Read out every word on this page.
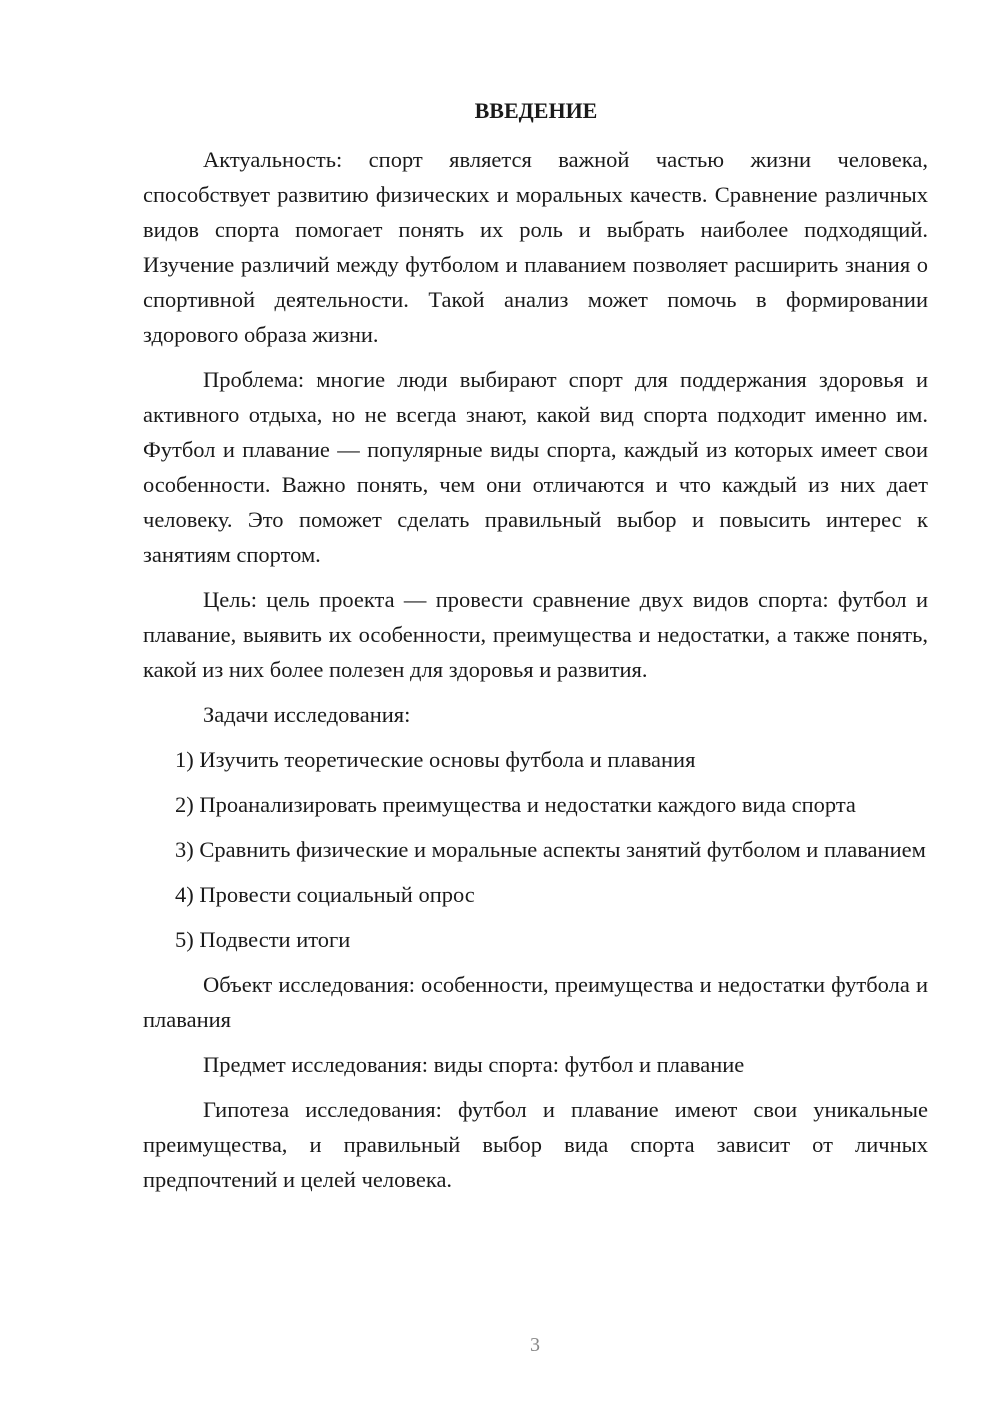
ВВЕДЕНИЕ

Актуальность: спорт является важной частью жизни человека, способствует развитию физических и моральных качеств. Сравнение различных видов спорта помогает понять их роль и выбрать наиболее подходящий. Изучение различий между футболом и плаванием позволяет расширить знания о спортивной деятельности. Такой анализ может помочь в формировании здорового образа жизни.

Проблема: многие люди выбирают спорт для поддержания здоровья и активного отдыха, но не всегда знают, какой вид спорта подходит именно им. Футбол и плавание — популярные виды спорта, каждый из которых имеет свои особенности. Важно понять, чем они отличаются и что каждый из них дает человеку. Это поможет сделать правильный выбор и повысить интерес к занятиям спортом.

Цель: цель проекта — провести сравнение двух видов спорта: футбол и плавание, выявить их особенности, преимущества и недостатки, а также понять, какой из них более полезен для здоровья и развития.

Задачи исследования:

1) Изучить теоретические основы футбола и плавания

2) Проанализировать преимущества и недостатки каждого вида спорта

3) Сравнить физические и моральные аспекты занятий футболом и плаванием

4) Провести социальный опрос

5) Подвести итоги

Объект исследования: особенности, преимущества и недостатки футбола и плавания

Предмет исследования: виды спорта: футбол и плавание

Гипотеза исследования: футбол и плавание имеют свои уникальные преимущества, и правильный выбор вида спорта зависит от личных предпочтений и целей человека.

3
